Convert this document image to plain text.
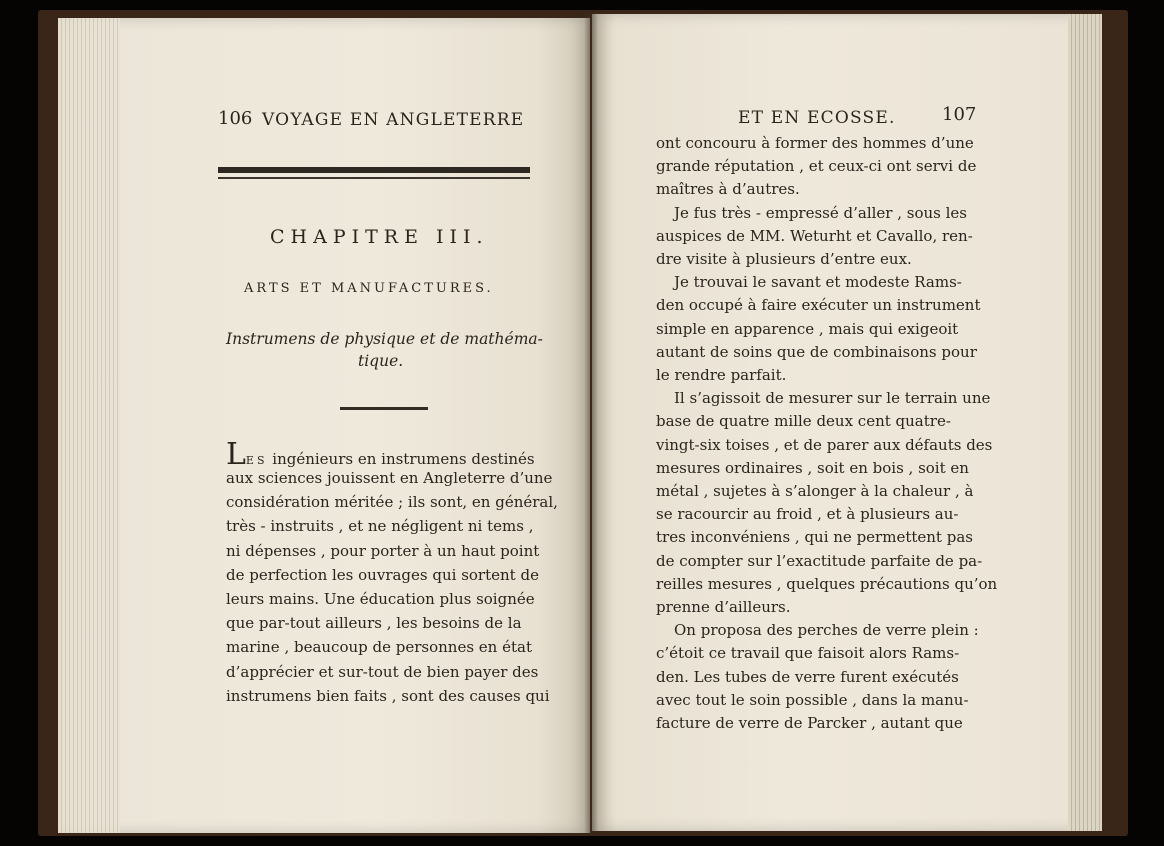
106 VOYAGE EN ANGLETERRE
CHAPITRE III.
ARTS ET MANUFACTURES.
Instrumens de physique et de mathéma-
tique.
LES ingénieurs en instrumens destinés
aux sciences jouissent en Angleterre d’une
considération méritée ; ils sont, en général,
très - instruits , et ne négligent ni tems ,
ni dépenses , pour porter à un haut point
de perfection les ouvrages qui sortent de
leurs mains. Une éducation plus soignée
que par-tout ailleurs , les besoins de la
marine , beaucoup de personnes en état
d’apprécier et sur-tout de bien payer des
instrumens bien faits , sont des causes qui
ET EN ECOSSE.	107
ont concouru à former des hommes d’une
grande réputation , et ceux-ci ont servi de
maîtres à d’autres.
Je fus très - empressé d’aller , sous les
auspices de MM. Weturht et Cavallo, ren-
dre visite à plusieurs d’entre eux.
Je trouvai le savant et modeste Rams-
den occupé à faire exécuter un instrument
simple en apparence , mais qui exigeoit
autant de soins que de combinaisons pour
le rendre parfait.
Il s’agissoit de mesurer sur le terrain une
base de quatre mille deux cent quatre-
vingt-six toises , et de parer aux défauts des
mesures ordinaires , soit en bois , soit en
métal , sujetes à s’alonger à la chaleur , à
se racourcir au froid , et à plusieurs au-
tres inconvéniens , qui ne permettent pas
de compter sur l’exactitude parfaite de pa-
reilles mesures , quelques précautions qu’on
prenne d’ailleurs.
On proposa des perches de verre plein :
c’étoit ce travail que faisoit alors Rams-
den. Les tubes de verre furent exécutés
avec tout le soin possible , dans la manu-
facture de verre de Parcker , autant que
